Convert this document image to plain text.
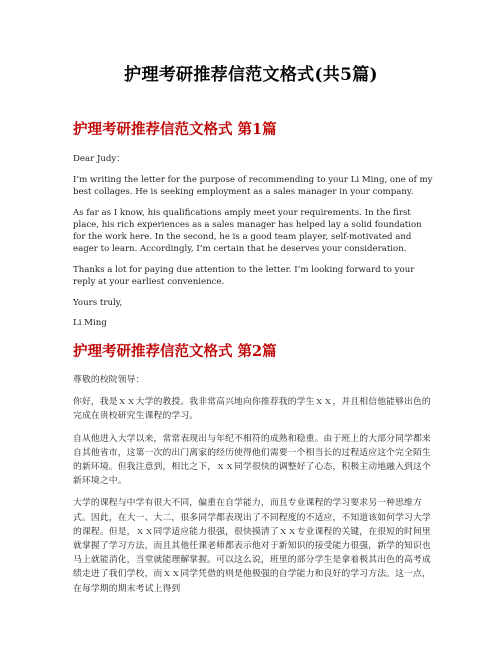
护理考研推荐信范文格式(共5篇)
护理考研推荐信范文格式 第1篇

Dear Judy：

I’m writing the letter for the purpose of recommending to your Li Ming, one of my best collages. He is seeking employment as a sales manager in your company.

As far as I know, his qualifications amply meet your requirements. In the first place, his rich experiences as a sales manager has helped lay a solid foundation for the work here. In the second, he is a good team player, self-motivated and eager to learn. Accordingly, I’m certain that he deserves your consideration.

Thanks a lot for paying due attention to the letter. I’m looking forward to your reply at your earliest convenience.

Yours truly,

Li Ming

护理考研推荐信范文格式 第2篇

尊敬的校院领导：

你好，我是ｘｘ大学的教授。我非常高兴地向你推荐我的学生ｘｘ，并且相信他能够出色的完成在贵校研究生课程的学习。

自从他进入大学以来，常常表现出与年纪不相符的成熟和稳重。由于班上的大部分同学都来自其他省市，这第一次的出门离家的经历使得他们需要一个相当长的过程适应这个完全陌生的新环境。但我注意到，相比之下，ｘｘ同学很快的调整好了心态，积极主动地融入到这个新环境之中。

大学的课程与中学有很大不同，偏重在自学能力，而且专业课程的学习要求另一种思维方式。因此，在大一、大二，很多同学都表现出了不同程度的不适应，不知道该如何学习大学的课程。但是，ｘｘ同学适应能力很强，很快摸清了ｘｘ专业课程的关键，在很短的时间里就掌握了学习方法，而且其他任课老师都表示他对于新知识的接受能力很强，新学的知识也马上就能消化，当堂就能理解掌握。可以这么说，班里的部分学生是拿着极其出色的高考成绩走进了我们学校，而ｘｘ同学凭借的则是他极强的自学能力和良好的学习方法。这一点，在每学期的期末考试上得到
